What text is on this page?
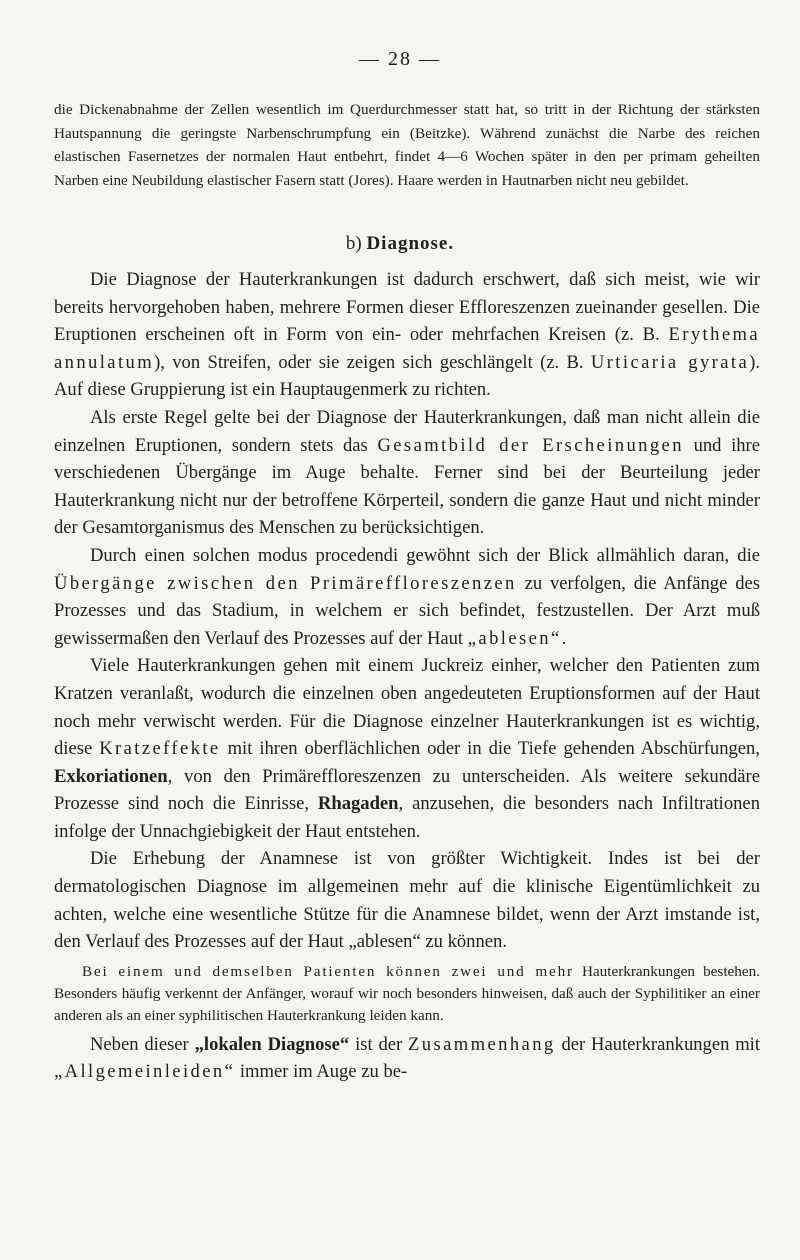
— 28 —

die Dickenabnahme der Zellen wesentlich im Querdurchmesser statt hat, so tritt in der Richtung der stärksten Hautspannung die geringste Narbenschrumpfung ein (Beitzke). Während zunächst die Narbe des reichen elastischen Fasernetzes der normalen Haut entbehrt, findet 4—6 Wochen später in den per primam geheilten Narben eine Neubildung elastischer Fasern statt (Jores). Haare werden in Hautnarben nicht neu gebildet.

b) Diagnose.

Die Diagnose der Hauterkrankungen ist dadurch erschwert, daß sich meist, wie wir bereits hervorgehoben haben, mehrere Formen dieser Effloreszenzen zueinander gesellen. Die Eruptionen erscheinen oft in Form von ein- oder mehrfachen Kreisen (z. B. Erythema annulatum), von Streifen, oder sie zeigen sich geschlängelt (z. B. Urticaria gyrata). Auf diese Gruppierung ist ein Hauptaugenmerk zu richten.

Als erste Regel gelte bei der Diagnose der Hauterkrankungen, daß man nicht allein die einzelnen Eruptionen, sondern stets das Gesamtbild der Erscheinungen und ihre verschiedenen Übergänge im Auge behalte. Ferner sind bei der Beurteilung jeder Hauterkrankung nicht nur der betroffene Körperteil, sondern die ganze Haut und nicht minder der Gesamtorganismus des Menschen zu berücksichtigen.

Durch einen solchen modus procedendi gewöhnt sich der Blick allmählich daran, die Übergänge zwischen den Primäreffloreszenzen zu verfolgen, die Anfänge des Prozesses und das Stadium, in welchem er sich befindet, festzustellen. Der Arzt muß gewissermaßen den Verlauf des Prozesses auf der Haut „ablesen“.

Viele Hauterkrankungen gehen mit einem Juckreiz einher, welcher den Patienten zum Kratzen veranlaßt, wodurch die einzelnen oben angedeuteten Eruptionsformen auf der Haut noch mehr verwischt werden. Für die Diagnose einzelner Hauterkrankungen ist es wichtig, diese Kratzeffekte mit ihren oberflächlichen oder in die Tiefe gehenden Abschürfungen, Exkoriationen, von den Primäreffloreszenzen zu unterscheiden. Als weitere sekundäre Prozesse sind noch die Einrisse, Rhagaden, anzusehen, die besonders nach Infiltrationen infolge der Unnachgiebigkeit der Haut entstehen.

Die Erhebung der Anamnese ist von größter Wichtigkeit. Indes ist bei der dermatologischen Diagnose im allgemeinen mehr auf die klinische Eigentümlichkeit zu achten, welche eine wesentliche Stütze für die Anamnese bildet, wenn der Arzt imstande ist, den Verlauf des Prozesses auf der Haut „ablesen“ zu können.

Bei einem und demselben Patienten können zwei und mehr Hauterkrankungen bestehen. Besonders häufig verkennt der Anfänger, worauf wir noch besonders hinweisen, daß auch der Syphilitiker an einer anderen als an einer syphilitischen Hauterkrankung leiden kann.

Neben dieser „lokalen Diagnose“ ist der Zusammenhang der Hauterkrankungen mit „Allgemeinleiden“ immer im Auge zu be-
